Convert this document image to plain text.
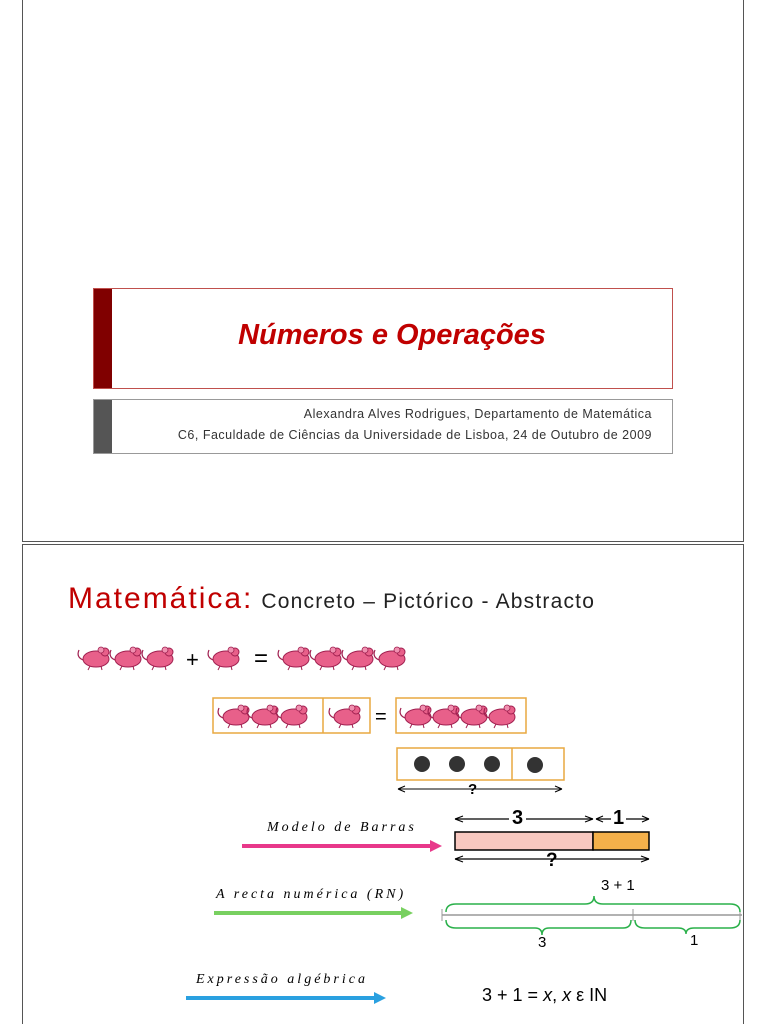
Números e Operações
Alexandra Alves Rodrigues, Departamento de Matemática
C6, Faculdade de Ciências da Universidade de Lisboa, 24 de Outubro de 2009
Matemática: Concreto – Pictórico - Abstracto
+ =
=
?
Modelo de Barras	3	1
?
A recta numérica (RN)
3 + 1
3	1
Expressão algébrica
3 + 1 = x, x ε IN
